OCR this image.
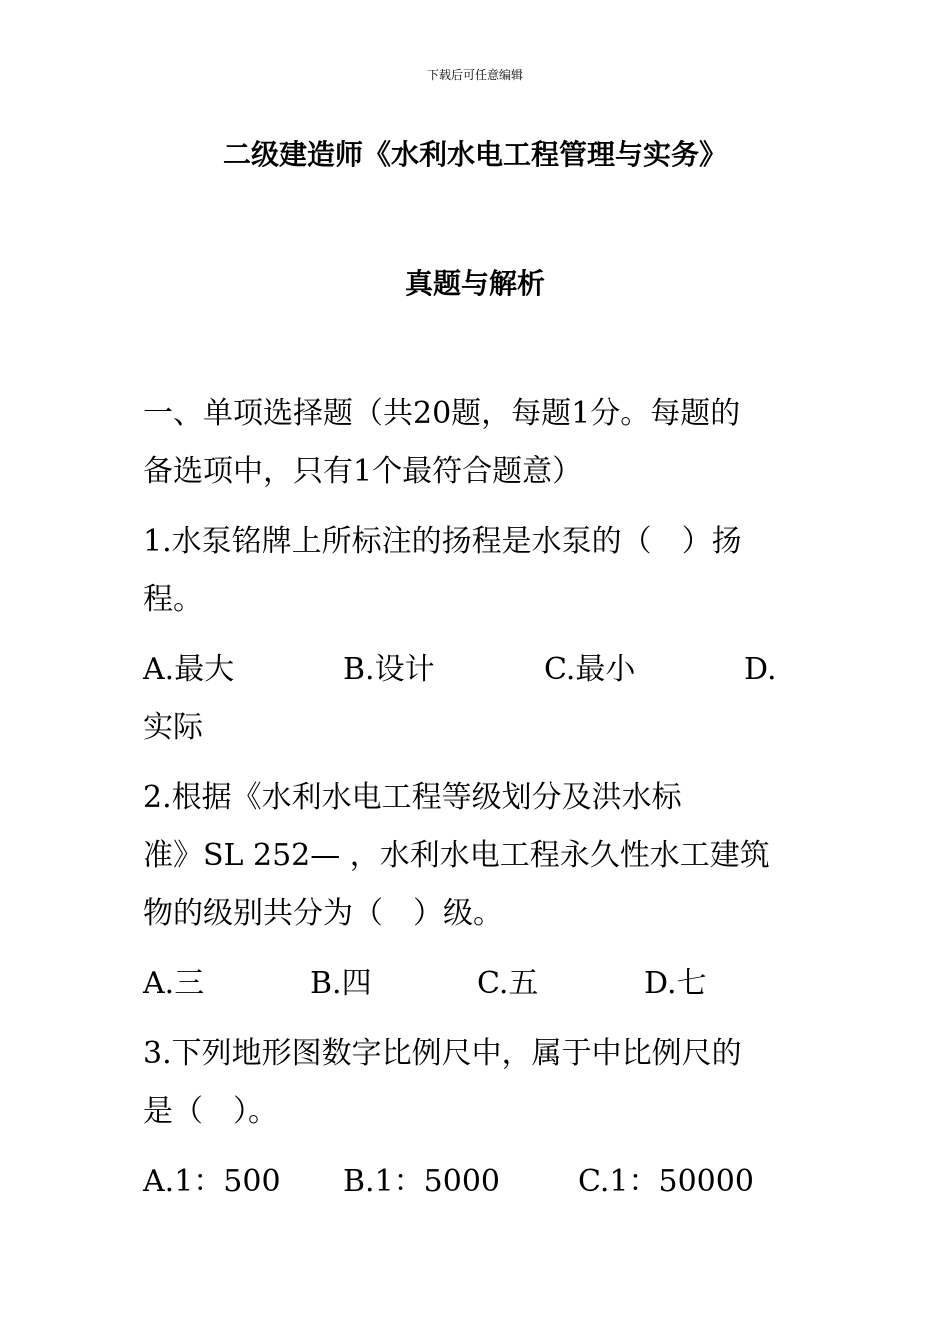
下载后可任意编辑
二级建造师《水利水电工程管理与实务》
真题与解析

一、单项选择题（共20题，每题1分。每题的

备选项中，只有1个最符合题意）

1.水泵铭牌上所标注的扬程是水泵的（　）扬

程。

A.最大	B.设计	C.最小	D.

实际

2.根据《水利水电工程等级划分及洪水标

准》SL 252— ，水利水电工程永久性水工建筑

物的级别共分为（　）级。

A.三	B.四	C.五	D.七

3.下列地形图数字比例尺中，属于中比例尺的

是（　）。

A.1：500	B.1：5000	C.1：50000
